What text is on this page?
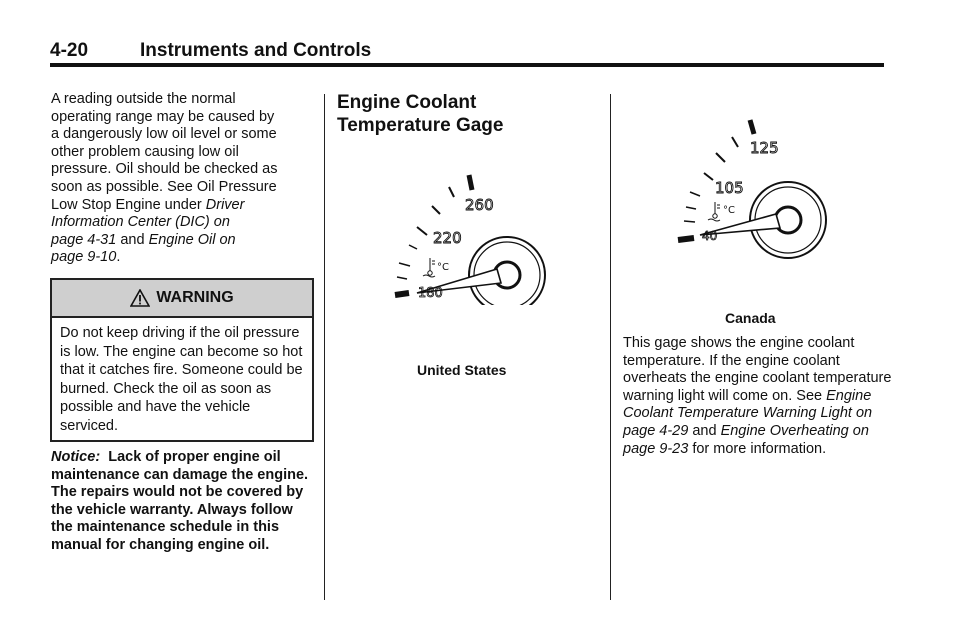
4-20	Instruments and Controls
A reading outside the normal
operating range may be caused by
a dangerously low oil level or some
other problem causing low oil
pressure. Oil should be checked as
soon as possible. See Oil Pressure
Low Stop Engine under Driver
Information Center (DIC) on
page 4-31 and Engine Oil on
page 9-10.
WARNING
Do not keep driving if the oil pressure is low. The engine can become so hot that it catches fire. Someone could be burned. Check the oil as soon as possible and have the vehicle serviced.
Notice: Lack of proper engine oil maintenance can damage the engine. The repairs would not be covered by the vehicle warranty. Always follow the maintenance schedule in this manual for changing engine oil.
Engine Coolant
Temperature Gage
260
220
180
°C
United States
125
105
40
°C
Canada
This gage shows the engine coolant temperature. If the engine coolant overheats the engine coolant temperature warning light will come on. See Engine Coolant Temperature Warning Light on page 4-29 and Engine Overheating on page 9-23 for more information.
